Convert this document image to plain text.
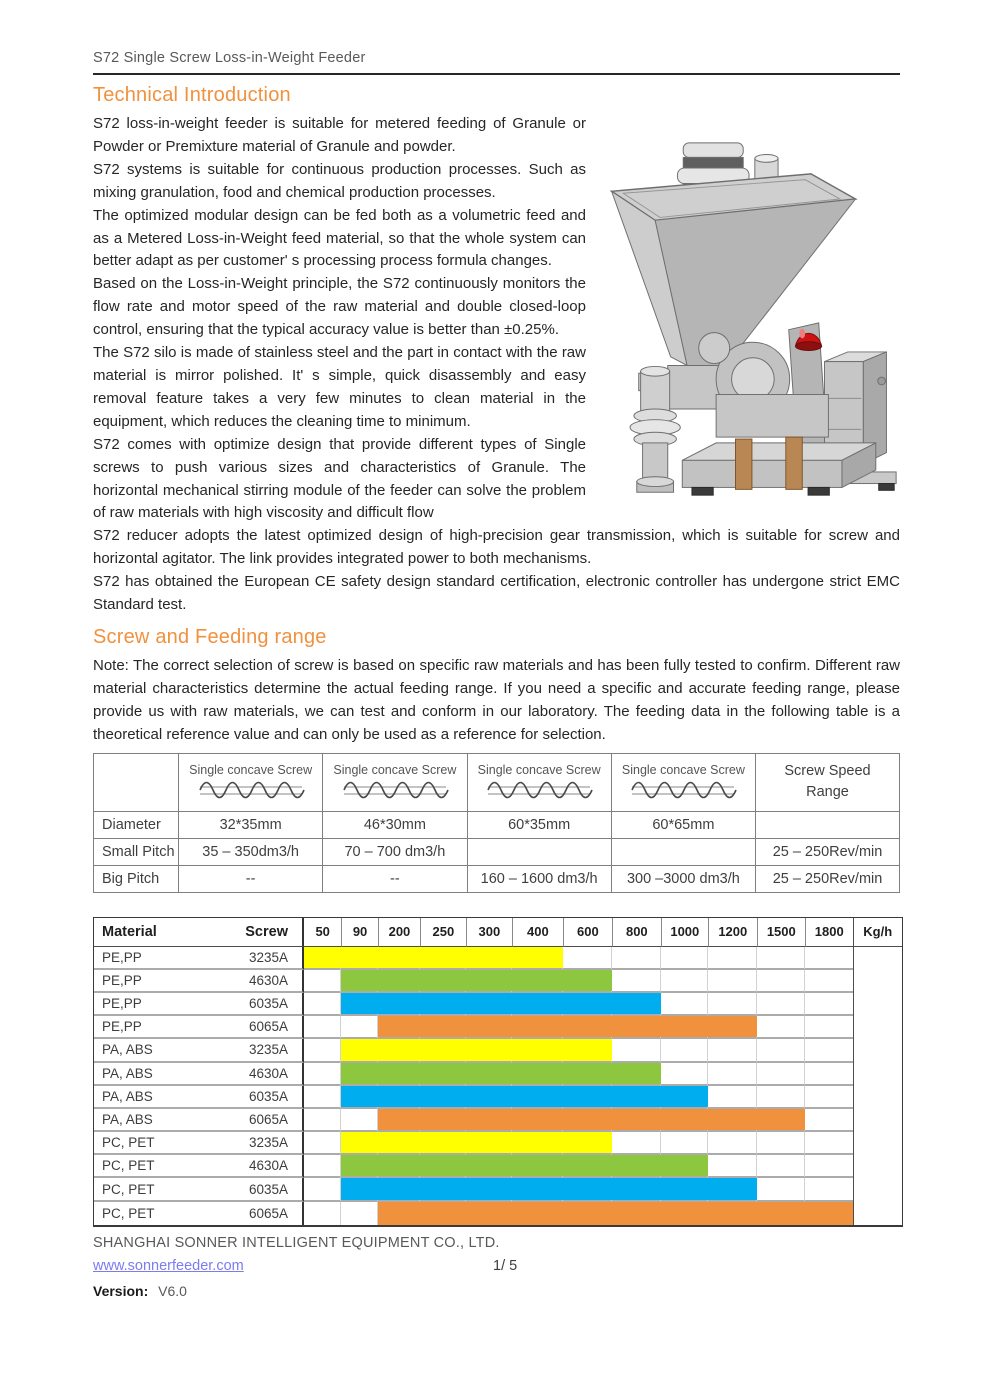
S72 Single Screw Loss-in-Weight Feeder
Technical Introduction

S72 loss-in-weight feeder is suitable for metered feeding of Granule or Powder or Premixture material of Granule and powder.

S72 systems is suitable for continuous production processes. Such as mixing granulation, food and chemical production processes.

The optimized modular design can be fed both as a volumetric feed and as a Metered Loss-in-Weight feed material, so that the whole system can better adapt as per customer' s processing process formula changes.

Based on the Loss-in-Weight principle, the S72 continuously monitors the flow rate and motor speed of the raw material and double closed-loop control, ensuring that the typical accuracy value is better than ±0.25%.

The S72 silo is made of stainless steel and the part in contact with the raw material is mirror polished. It' s simple, quick disassembly and easy removal feature takes a very few minutes to clean material in the equipment, which reduces the cleaning time to minimum.

S72 comes with optimize design that provide different types of Single screws to push various sizes and characteristics of Granule. The horizontal mechanical stirring module of the feeder can solve the problem of raw materials with high viscosity and difficult flow

S72 reducer adopts the latest optimized design of high-precision gear transmission, which is suitable for screw and horizontal agitator. The link provides integrated power to both mechanisms.

S72 has obtained the European CE safety design standard certification, electronic controller has undergone strict EMC Standard test.

Screw and Feeding range

Note: The correct selection of screw is based on specific raw materials and has been fully tested to confirm. Different raw material characteristics determine the actual feeding range. If you need a specific and accurate feeding range, please provide us with raw materials, we can test and conform in our laboratory. The feeding data in the following table is a theoretical reference value and can only be used as a reference for selection.

	Single concave Screw	Single concave Screw	Single concave Screw	Single concave Screw	Screw Speed
Range
Diameter	32*35mm	46*30mm	60*35mm	60*65mm	
Small Pitch	35 – 350dm3/h	70 – 700 dm3/h			25 – 250Rev/min
Big Pitch	--	--	160 – 1600 dm3/h	300 –3000 dm3/h	25 – 250Rev/min
Material	Screw	50	90	200	250	300	400	600	800	1000	1200	1500	1800	Kg/h
PE,PP	3235A
PE,PP	4630A
PE,PP	6035A
PE,PP	6065A
PA, ABS	3235A
PA, ABS	4630A
PA, ABS	6035A
PA, ABS	6065A
PC, PET	3235A
PC, PET	4630A
PC, PET	6035A
PC, PET	6065A
SHANGHAI SONNER INTELLIGENT EQUIPMENT CO., LTD.
www.sonnerfeeder.com	1/ 5
Version: V6.0
